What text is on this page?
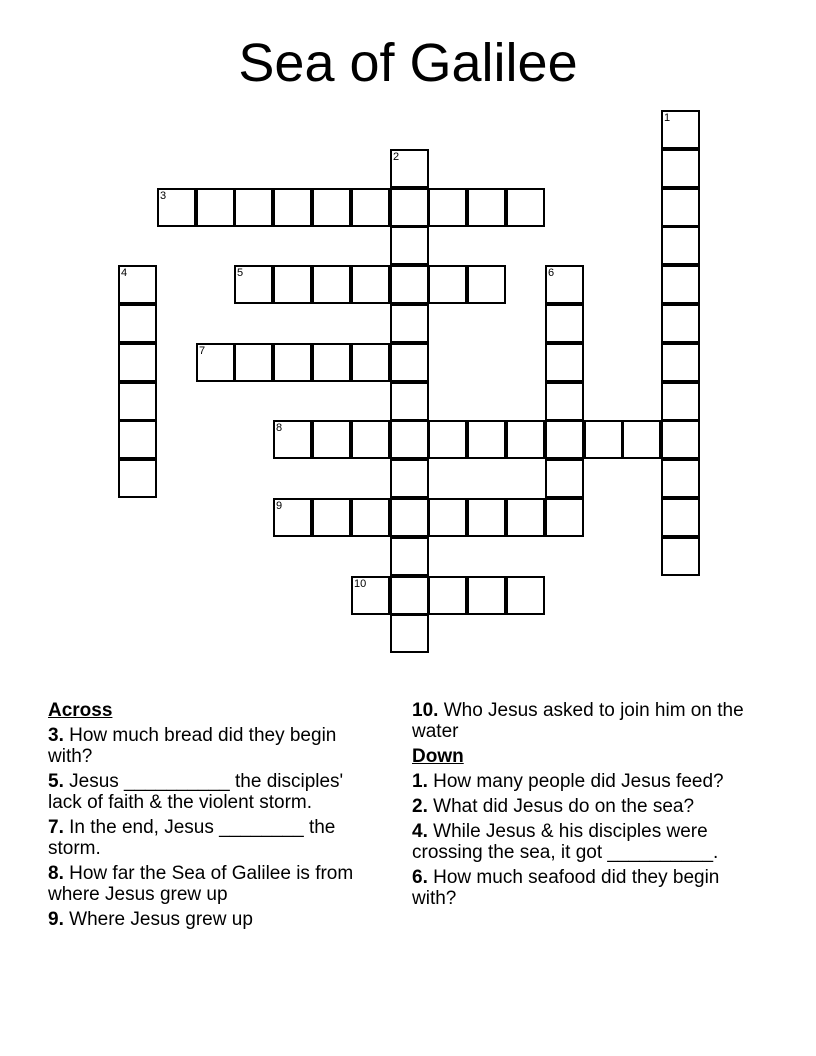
Sea of Galilee
1
2
3
4	5	6
7
8
9
10
Across
3. How much bread did they begin with?
5. Jesus __________ the disciples' lack of faith & the violent storm.
7. In the end, Jesus ________ the storm.
8. How far the Sea of Galilee is from where Jesus grew up
9. Where Jesus grew up
10. Who Jesus asked to join him on the water
Down
1. How many people did Jesus feed?
2. What did Jesus do on the sea?
4. While Jesus & his disciples were crossing the sea, it got __________.
6. How much seafood did they begin with?
